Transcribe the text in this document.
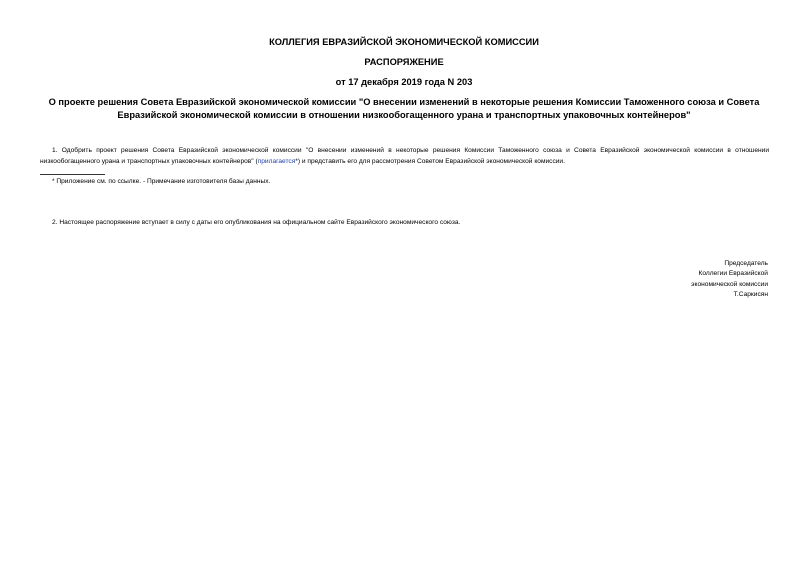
КОЛЛЕГИЯ ЕВРАЗИЙСКОЙ ЭКОНОМИЧЕСКОЙ КОМИССИИ
РАСПОРЯЖЕНИЕ
от 17 декабря 2019 года N 203
О проекте решения Совета Евразийской экономической комиссии "О внесении изменений в некоторые решения Комиссии Таможенного союза и Совета Евразийской экономической комиссии в отношении низкообогащенного урана и транспортных упаковочных контейнеров"
1. Одобрить проект решения Совета Евразийской экономической комиссии "О внесении изменений в некоторые решения Комиссии Таможенного союза и Совета Евразийской экономической комиссии в отношении низкообогащенного урана и транспортных упаковочных контейнеров" (прилагается*) и представить его для рассмотрения Советом Евразийской экономической комиссии.
* Приложение см. по ссылке. - Примечание изготовителя базы данных.
2. Настоящее распоряжение вступает в силу с даты его опубликования на официальном сайте Евразийского экономического союза.
Председатель
Коллегии Евразийской
экономической комиссии
Т.Саркисян
